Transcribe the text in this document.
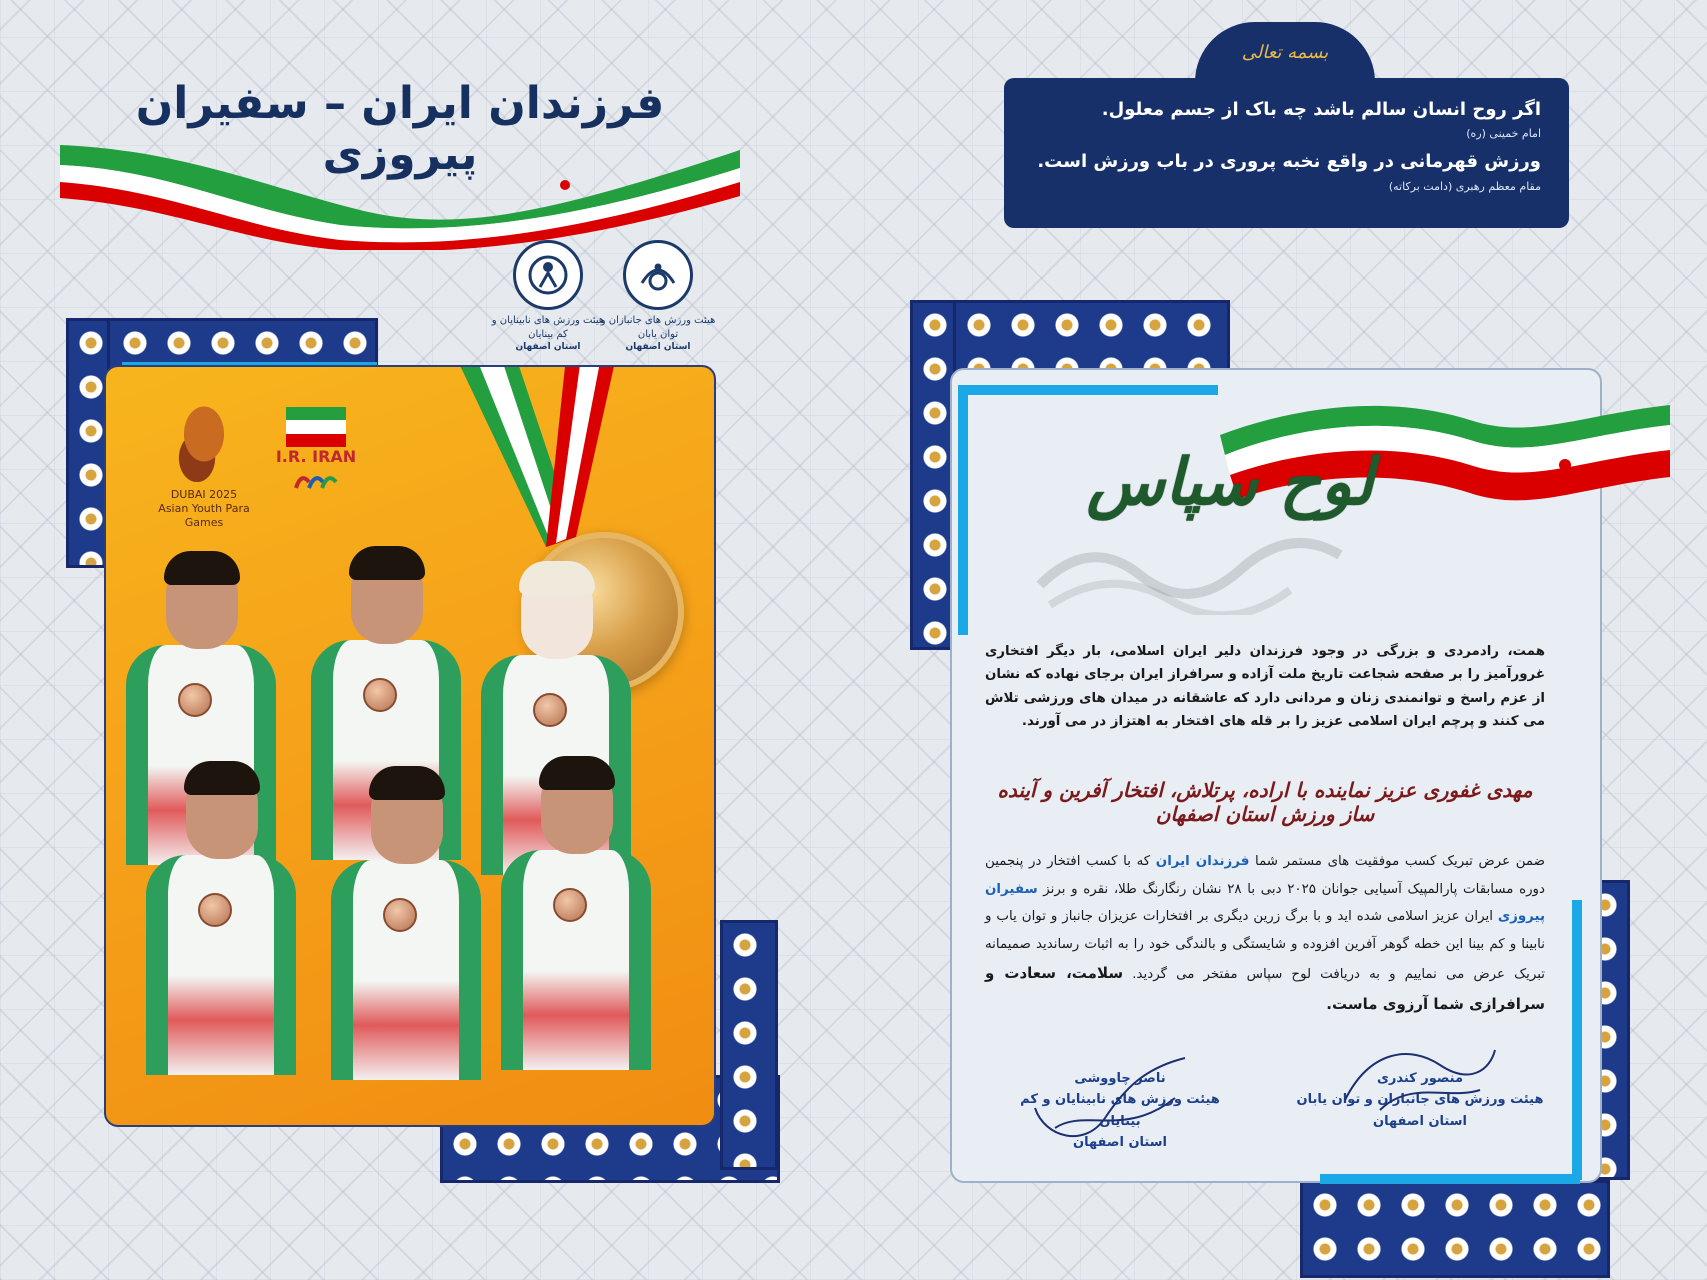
فرزندان ایران – سفیران پیروزی
هیئت ورزش های نابینایان و کم بینایان
استان اصفهان
هیئت ورزش های جانبازان و توان یابان
استان اصفهان
DUBAI 2025
Asian Youth Para Games
I.R. IRAN
بسمه تعالی
اگر روح انسان سالم باشد چه باک از جسم معلول.
امام خمینی (ره)
ورزش قهرمانی در واقع نخبه پروری در باب ورزش است.
مقام معظم رهبری (دامت برکاته)
لوح سپاس
همت، رادمردی و بزرگی در وجود فرزندان دلیر ایران اسلامی، بار دیگر افتخاری غرورآمیز را بر صفحه شجاعت تاریخ ملت آزاده و سرافراز ایران برجای نهاده که نشان از عزم راسخ و توانمندی زنان و مردانی دارد که عاشقانه در میدان های ورزشی تلاش می کنند و پرچم ایران اسلامی عزیز را بر قله های افتخار به اهتزاز در می آورند.
مهدی غفوری عزیز نماینده با اراده، پرتلاش، افتخار آفرین و آینده ساز ورزش استان اصفهان
ضمن عرض تبریک کسب موفقیت های مستمر شما فرزندان ایران که با کسب افتخار در پنجمین دوره مسابقات پارالمپیک آسیایی جوانان ۲۰۲۵ دبی با ۲۸ نشان رنگارنگ طلا، نقره و برنز سفیران پیروزی ایران عزیز اسلامی شده اید و با برگ زرین دیگری بر افتخارات عزیزان جانباز و توان یاب و نابینا و کم بینا این خطه گوهر آفرین افزوده و شایستگی و بالندگی خود را به اثبات رساندید صمیمانه تبریک عرض می نماییم و به دریافت لوح سپاس مفتخر می گردید. سلامت، سعادت و سرافرازی شما آرزوی ماست.
منصور کندری
هیئت ورزش های جانبازان و توان یابان
استان اصفهان
ناصر چاووشی
هیئت ورزش های نابینایان و کم بینایان
استان اصفهان
